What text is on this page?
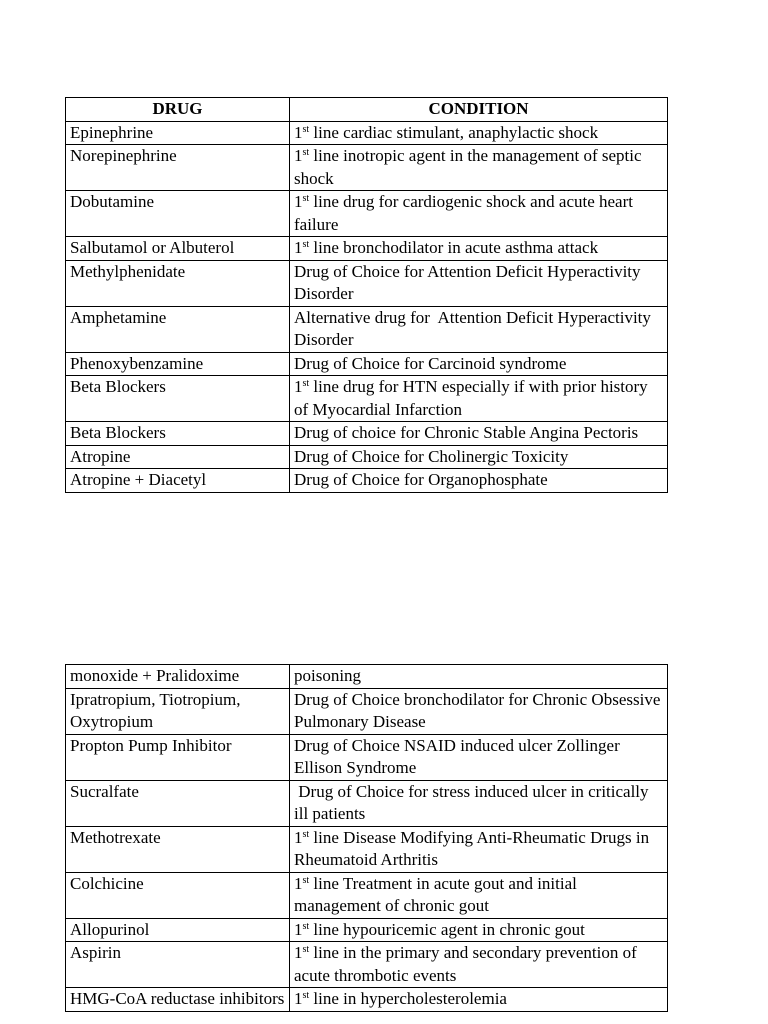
DRUG	CONDITION
Epinephrine	1st line cardiac stimulant, anaphylactic shock
Norepinephrine	1st line inotropic agent in the management of septic shock
Dobutamine	1st line drug for cardiogenic shock and acute heart failure
Salbutamol or Albuterol	1st line bronchodilator in acute asthma attack
Methylphenidate	Drug of Choice for Attention Deficit Hyperactivity Disorder
Amphetamine	Alternative drug for  Attention Deficit Hyperactivity Disorder
Phenoxybenzamine	Drug of Choice for Carcinoid syndrome
Beta Blockers	1st line drug for HTN especially if with prior history of Myocardial Infarction
Beta Blockers	Drug of choice for Chronic Stable Angina Pectoris
Atropine	Drug of Choice for Cholinergic Toxicity
Atropine + Diacetyl	Drug of Choice for Organophosphate
monoxide + Pralidoxime	poisoning
Ipratropium, Tiotropium, Oxytropium	Drug of Choice bronchodilator for Chronic Obsessive Pulmonary Disease
Propton Pump Inhibitor	Drug of Choice NSAID induced ulcer Zollinger Ellison Syndrome
Sucralfate	Drug of Choice for stress induced ulcer in critically ill patients
Methotrexate	1st line Disease Modifying Anti-Rheumatic Drugs in Rheumatoid Arthritis
Colchicine	1st line Treatment in acute gout and initial management of chronic gout
Allopurinol	1st line hypouricemic agent in chronic gout
Aspirin	1st line in the primary and secondary prevention of acute thrombotic events
HMG-CoA reductase inhibitors	1st line in hypercholesterolemia
